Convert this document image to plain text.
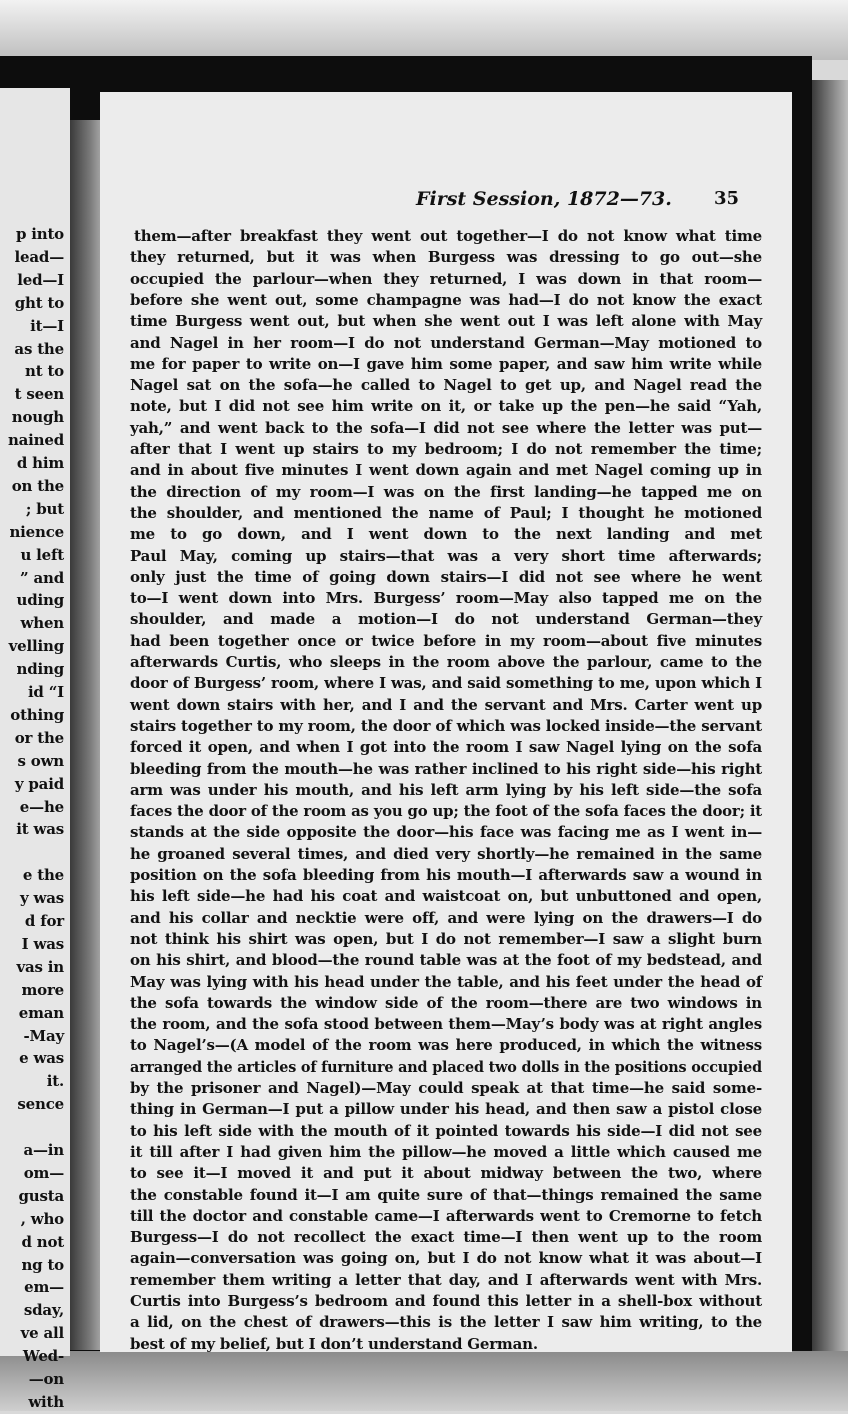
p into
lead—
led—I
ght to
it—I
as the
nt to
t seen
nough
nained
d him
on the
; but
nience
u left
” and
uding
when
velling
nding
id “I
othing
or the
s own
y paid
e—he
it was
e the
y was
d for
I was
vas in
more
eman
-May
e was
it.
sence
a—in
om—
gusta
, who
d not
ng to
em—
sday,
ve all
Wed-
—on
with
First Session, 1872—73. 35
them—after breakfast they went out together—I do not know what time
they returned, but it was when Burgess was dressing to go out—she
occupied the parlour—when they returned, I was down in that room—
before she went out, some champagne was had—I do not know the exact
time Burgess went out, but when she went out I was left alone with May
and Nagel in her room—I do not understand German—May motioned to
me for paper to write on—I gave him some paper, and saw him write while
Nagel sat on the sofa—he called to Nagel to get up, and Nagel read the
note, but I did not see him write on it, or take up the pen—he said “Yah,
yah,” and went back to the sofa—I did not see where the letter was put—
after that I went up stairs to my bedroom; I do not remember the time;
and in about five minutes I went down again and met Nagel coming up in
the direction of my room—I was on the first landing—he tapped me on
the shoulder, and mentioned the name of Paul; I thought he motioned
me to go down, and I went down to the next landing and met
Paul May, coming up stairs—that was a very short time afterwards;
only just the time of going down stairs—I did not see where he went
to—I went down into Mrs. Burgess’ room—May also tapped me on the
shoulder, and made a motion—I do not understand German—they
had been together once or twice before in my room—about five minutes
afterwards Curtis, who sleeps in the room above the parlour, came to the
door of Burgess’ room, where I was, and said something to me, upon which I
went down stairs with her, and I and the servant and Mrs. Carter went up
stairs together to my room, the door of which was locked inside—the servant
forced it open, and when I got into the room I saw Nagel lying on the sofa
bleeding from the mouth—he was rather inclined to his right side—his right
arm was under his mouth, and his left arm lying by his left side—the sofa
faces the door of the room as you go up; the foot of the sofa faces the door; it
stands at the side opposite the door—his face was facing me as I went in—
he groaned several times, and died very shortly—he remained in the same
position on the sofa bleeding from his mouth—I afterwards saw a wound in
his left side—he had his coat and waistcoat on, but unbuttoned and open,
and his collar and necktie were off, and were lying on the drawers—I do
not think his shirt was open, but I do not remember—I saw a slight burn
on his shirt, and blood—the round table was at the foot of my bedstead, and
May was lying with his head under the table, and his feet under the head of
the sofa towards the window side of the room—there are two windows in
the room, and the sofa stood between them—May’s body was at right angles
to Nagel’s—(A model of the room was here produced, in which the witness
arranged the articles of furniture and placed two dolls in the positions occupied
by the prisoner and Nagel)—May could speak at that time—he said some-
thing in German—I put a pillow under his head, and then saw a pistol close
to his left side with the mouth of it pointed towards his side—I did not see
it till after I had given him the pillow—he moved a little which caused me
to see it—I moved it and put it about midway between the two, where
the constable found it—I am quite sure of that—things remained the same
till the doctor and constable came—I afterwards went to Cremorne to fetch
Burgess—I do not recollect the exact time—I then went up to the room
again—conversation was going on, but I do not know what it was about—I
remember them writing a letter that day, and I afterwards went with Mrs.
Curtis into Burgess’s bedroom and found this letter in a shell-box without
a lid, on the chest of drawers—this is the letter I saw him writing, to the
best of my belief, but I don’t understand German.
